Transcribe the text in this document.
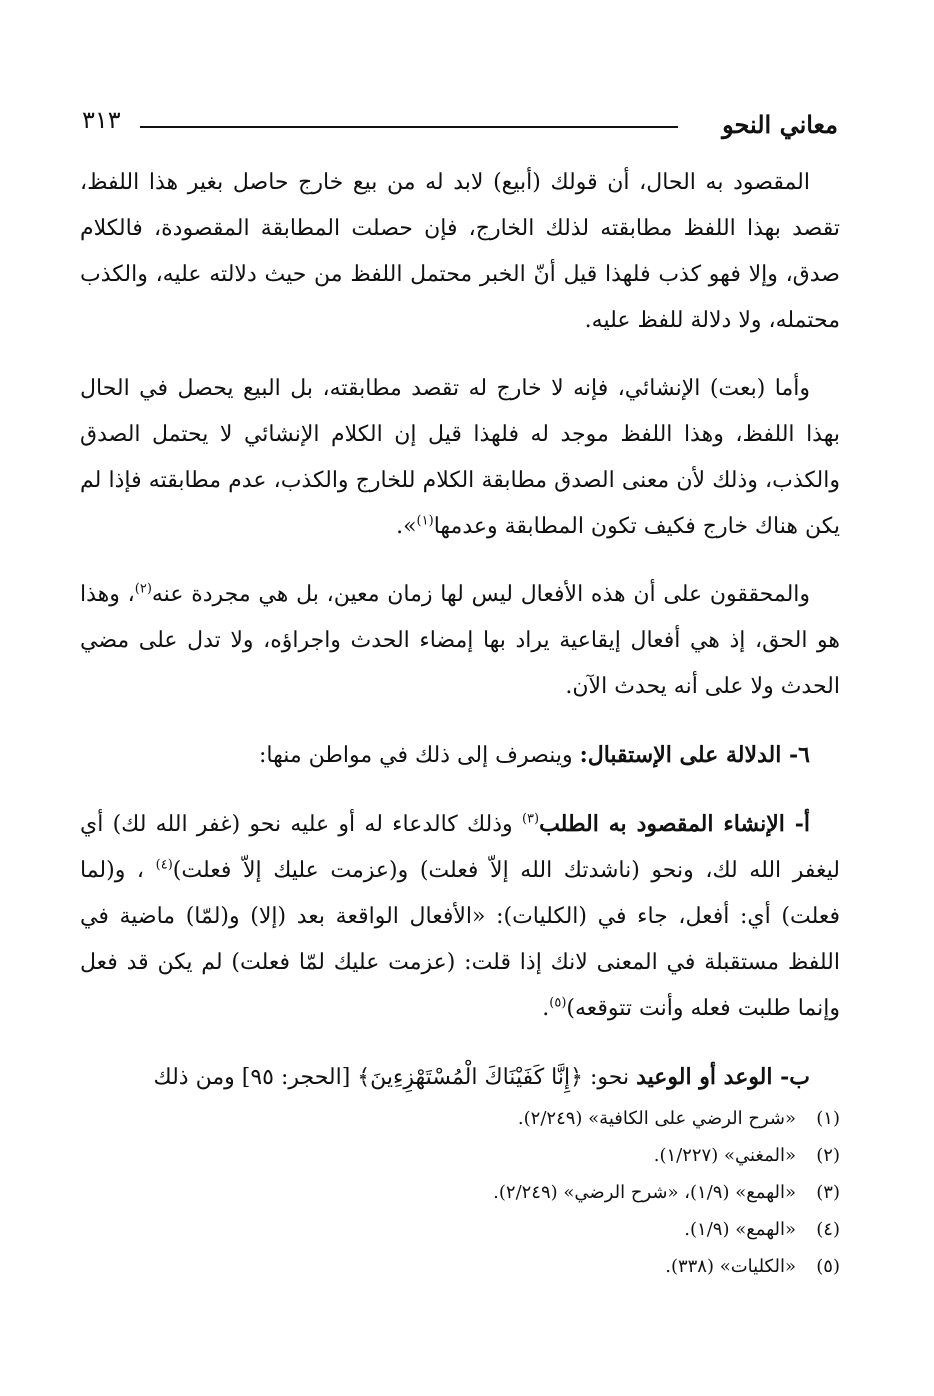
معاني النحو
٣١٣

المقصود به الحال، أن قولك (أبيع) لابد له من بيع خارج حاصل بغير هذا اللفظ، تقصد بهذا اللفظ مطابقته لذلك الخارج، فإن حصلت المطابقة المقصودة، فالكلام صدق، وإلا فهو كذب فلهذا قيل أنّ الخبر محتمل اللفظ من حيث دلالته عليه، والكذب محتمله، ولا دلالة للفظ عليه.

وأما (بعت) الإنشائي، فإنه لا خارج له تقصد مطابقته، بل البيع يحصل في الحال بهذا اللفظ، وهذا اللفظ موجد له فلهذا قيل إن الكلام الإنشائي لا يحتمل الصدق والكذب، وذلك لأن معنى الصدق مطابقة الكلام للخارج والكذب، عدم مطابقته فإذا لم يكن هناك خارج فكيف تكون المطابقة وعدمها$^{(١)}$».

والمحققون على أن هذه الأفعال ليس لها زمان معين، بل هي مجردة عنه$^{(٢)}$، وهذا هو الحق، إذ هي أفعال إيقاعية يراد بها إمضاء الحدث واجراؤه، ولا تدل على مضي الحدث ولا على أنه يحدث الآن.

٦- الدلالة على الإستقبال: وينصرف إلى ذلك في مواطن منها:

أ- الإنشاء المقصود به الطلب$^{(٣)}$ وذلك كالدعاء له أو عليه نحو (غفر الله لك) أي ليغفر الله لك، ونحو (ناشدتك الله إلاّ فعلت) و(عزمت عليك إلاّ فعلت)$^{(٤)}$ ، و(لما فعلت) أي: أفعل، جاء في (الكليات): «الأفعال الواقعة بعد (إلا) و(لمّا) ماضية في اللفظ مستقبلة في المعنى لانك إذا قلت: (عزمت عليك لمّا فعلت) لم يكن قد فعل وإنما طلبت فعله وأنت تتوقعه)$^{(٥)}$.

ب- الوعد أو الوعيد نحو: ﴿إِنَّا كَفَيْنَاكَ الْمُسْتَهْزِءِينَ﴾ [الحجر: ٩٥] ومن ذلك

(١)
«شرح الرضي على الكافية» (٢/٢٤٩).
(٢)
«المغني» (١/٢٢٧).
(٣)
«الهمع» (١/٩)، «شرح الرضي» (٢/٢٤٩).
(٤)
«الهمع» (١/٩).
(٥)
«الكليات» (٣٣٨).
